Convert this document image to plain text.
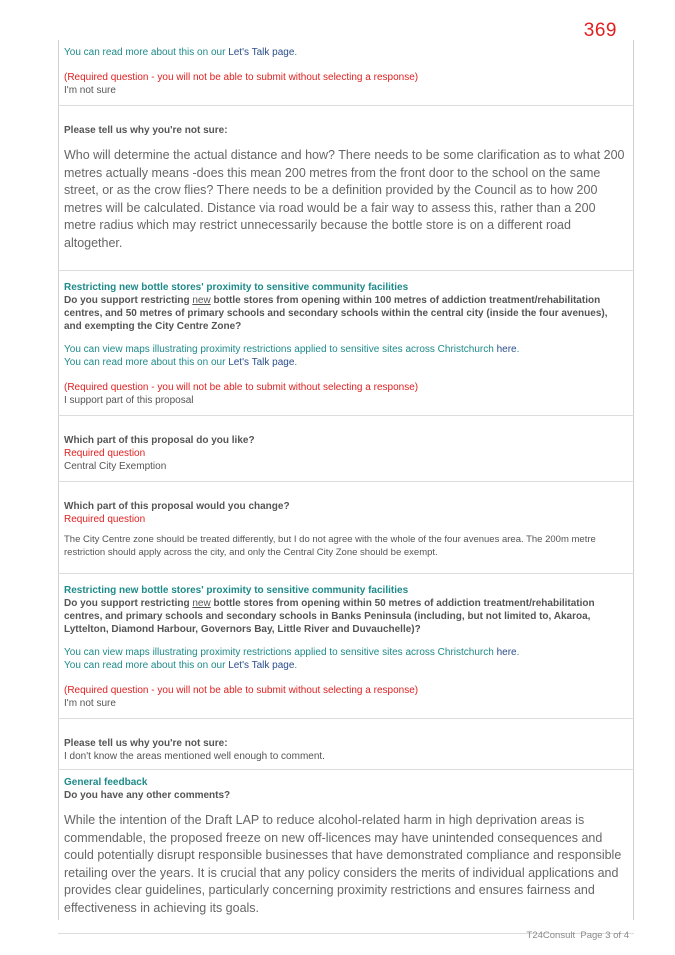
369
You can read more about this on our Let's Talk page.
(Required question - you will not be able to submit without selecting a response)
I'm not sure
Please tell us why you're not sure:
Who will determine the actual distance and how? There needs to be some clarification as to what 200 metres actually means -does this mean 200 metres from the front door to the school on the same street, or as the crow flies? There needs to be a definition provided by the Council as to how 200 metres will be calculated. Distance via road would be a fair way to assess this, rather than a 200 metre radius which may restrict unnecessarily because the bottle store is on a different road altogether.
Restricting new bottle stores' proximity to sensitive community facilities
Do you support restricting new bottle stores from opening within 100 metres of addiction treatment/rehabilitation centres, and 50 metres of primary schools and secondary schools within the central city (inside the four avenues), and exempting the City Centre Zone?
You can view maps illustrating proximity restrictions applied to sensitive sites across Christchurch here.
You can read more about this on our Let's Talk page.
(Required question - you will not be able to submit without selecting a response)
I support part of this proposal
Which part of this proposal do you like?
Required question
Central City Exemption
Which part of this proposal would you change?
Required question
The City Centre zone should be treated differently, but I do not agree with the whole of the four avenues area. The 200m metre restriction should apply across the city, and only the Central City Zone should be exempt.
Restricting new bottle stores' proximity to sensitive community facilities
Do you support restricting new bottle stores from opening within 50 metres of addiction treatment/rehabilitation centres, and primary schools and secondary schools in Banks Peninsula (including, but not limited to, Akaroa, Lyttelton, Diamond Harbour, Governors Bay, Little River and Duvauchelle)?
You can view maps illustrating proximity restrictions applied to sensitive sites across Christchurch here.
You can read more about this on our Let's Talk page.
(Required question - you will not be able to submit without selecting a response)
I'm not sure
Please tell us why you're not sure:
I don't know the areas mentioned well enough to comment.
General feedback
Do you have any other comments?
While the intention of the Draft LAP to reduce alcohol-related harm in high deprivation areas is commendable, the proposed freeze on new off-licences may have unintended consequences and could potentially disrupt responsible businesses that have demonstrated compliance and responsible retailing over the years. It is crucial that any policy considers the merits of individual applications and provides clear guidelines, particularly concerning proximity restrictions and ensures fairness and effectiveness in achieving its goals.
T24Consult Page 3 of 4
